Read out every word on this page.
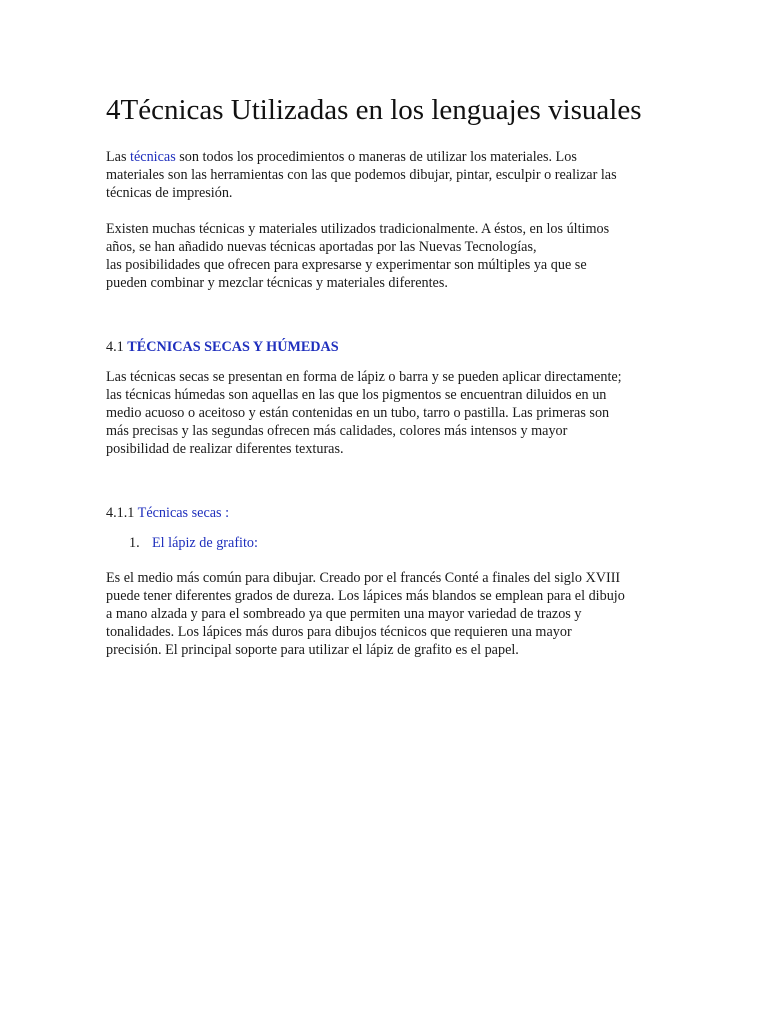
4Técnicas Utilizadas en los lenguajes visuales

Las técnicas son todos los procedimientos o maneras de utilizar los materiales. Los
materiales son las herramientas con las que podemos dibujar, pintar, esculpir o realizar las
técnicas de impresión.

Existen muchas técnicas y materiales utilizados tradicionalmente. A éstos, en los últimos
años, se han añadido nuevas técnicas aportadas por las Nuevas Tecnologías,
las posibilidades que ofrecen para expresarse y experimentar son múltiples ya que se
pueden combinar y mezclar técnicas y materiales diferentes.

4.1 TÉCNICAS SECAS Y HÚMEDAS

Las técnicas secas se presentan en forma de lápiz o barra y se pueden aplicar directamente;
las técnicas húmedas son aquellas en las que los pigmentos se encuentran diluidos en un
medio acuoso o aceitoso y están contenidas en un tubo, tarro o pastilla. Las primeras son
más precisas y las segundas ofrecen más calidades, colores más intensos y mayor
posibilidad de realizar diferentes texturas.

4.1.1 Técnicas secas :

1. El lápiz de grafito:

Es el medio más común para dibujar. Creado por el francés Conté a finales del siglo XVIII
puede tener diferentes grados de dureza. Los lápices más blandos se emplean para el dibujo
a mano alzada y para el sombreado ya que permiten una mayor variedad de trazos y
tonalidades. Los lápices más duros para dibujos técnicos que requieren una mayor
precisión. El principal soporte para utilizar el lápiz de grafito es el papel.
